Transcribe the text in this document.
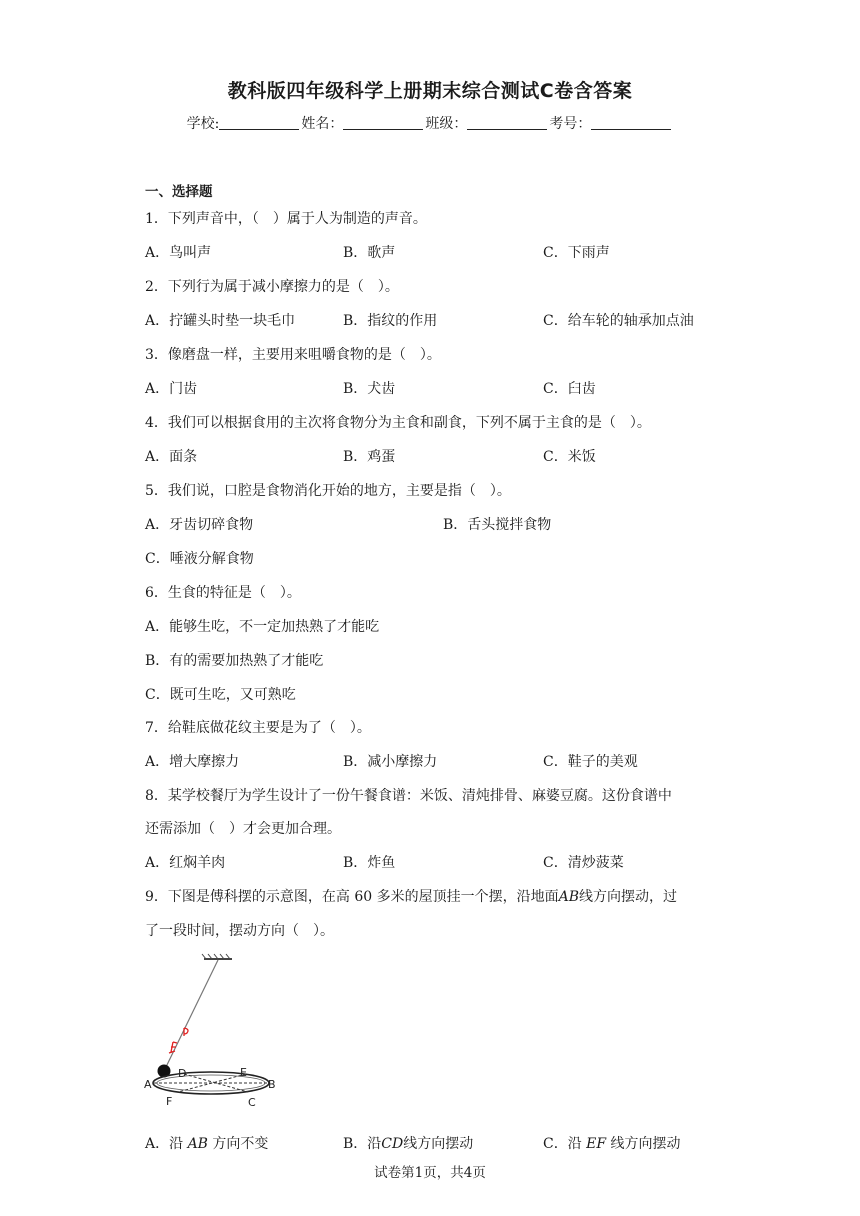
教科版四年级科学上册期末综合测试C卷含答案
学校:	姓名：	班级：	考号：
一、选择题
1．下列声音中，（　）属于人为制造的声音。
A．鸟叫声	B．歌声	C．下雨声
2．下列行为属于减小摩擦力的是（　）。
A．拧罐头时垫一块毛巾	B．指纹的作用	C．给车轮的轴承加点油
3．像磨盘一样，主要用来咀嚼食物的是（　）。
A．门齿	B．犬齿	C．臼齿
4．我们可以根据食用的主次将食物分为主食和副食，下列不属于主食的是（　）。
A．面条	B．鸡蛋	C．米饭
5．我们说，口腔是食物消化开始的地方，主要是指（　）。
A．牙齿切碎食物	B．舌头搅拌食物
C．唾液分解食物
6．生食的特征是（　）。
A．能够生吃，不一定加热熟了才能吃
B．有的需要加热熟了才能吃
C．既可生吃，又可熟吃
7．给鞋底做花纹主要是为了（　）。
A．增大摩擦力	B．减小摩擦力	C．鞋子的美观
8．某学校餐厅为学生设计了一份午餐食谱：米饭、清炖排骨、麻婆豆腐。这份食谱中
还需添加（　）才会更加合理。
A．红焖羊肉	B．炸鱼	C．清炒菠菜
9．下图是傅科摆的示意图，在高 60 多米的屋顶挂一个摆，沿地面AB线方向摆动，过
了一段时间，摆动方向（　）。
A	B
C
D	E
F
A．沿 AB 方向不变	B．沿CD线方向摆动	C．沿 EF 线方向摆动
试卷第1页，共4页
